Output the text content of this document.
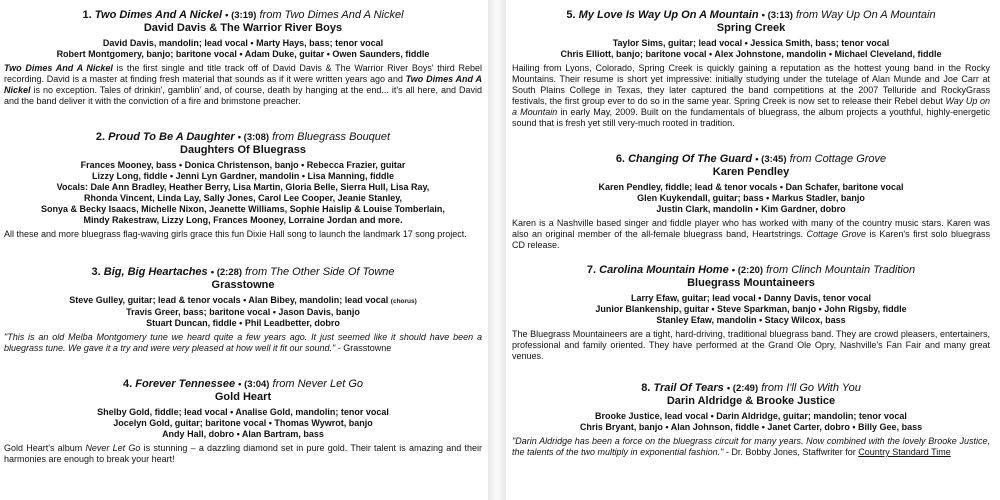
1. Two Dimes And A Nickel • (3:19) from Two Dimes And A Nickel
David Davis & The Warrior River Boys
David Davis, mandolin; lead vocal • Marty Hays, bass; tenor vocal
Robert Montgomery, banjo; baritone vocal • Adam Duke, guitar • Owen Saunders, fiddle
Two Dimes And A Nickel is the first single and title track off of David Davis & The Warrior River Boys' third Rebel recording. David is a master at finding fresh material that sounds as if it were written years ago and Two Dimes And A Nickel is no exception. Tales of drinkin', gamblin' and, of course, death by hanging at the end... it's all here, and David and the band deliver it with the conviction of a fire and brimstone preacher.
2. Proud To Be A Daughter • (3:08) from Bluegrass Bouquet
Daughters Of Bluegrass
Frances Mooney, bass • Donica Christenson, banjo • Rebecca Frazier, guitar
Lizzy Long, fiddle • Jenni Lyn Gardner, mandolin • Lisa Manning, fiddle
Vocals: Dale Ann Bradley, Heather Berry, Lisa Martin, Gloria Belle, Sierra Hull, Lisa Ray,
Rhonda Vincent, Linda Lay, Sally Jones, Carol Lee Cooper, Jeanie Stanley,
Sonya & Becky Isaacs, Michelle Nixon, Jeanette Williams, Sophie Haislip & Louise Tomberlain,
Mindy Rakestraw, Lizzy Long, Frances Mooney, Lorraine Jordan and more.
All these and more bluegrass flag-waving girls grace this fun Dixie Hall song to launch the landmark 17 song project.
3. Big, Big Heartaches • (2:28) from The Other Side Of Towne
Grasstowne
Steve Gulley, guitar; lead & tenor vocals • Alan Bibey, mandolin; lead vocal (chorus)
Travis Greer, bass; baritone vocal • Jason Davis, banjo
Stuart Duncan, fiddle • Phil Leadbetter, dobro
"This is an old Melba Montgomery tune we heard quite a few years ago. It just seemed like it should have been a bluegrass tune. We gave it a try and were very pleased at how well it fit our sound." - Grasstowne
4. Forever Tennessee • (3:04) from Never Let Go
Gold Heart
Shelby Gold, fiddle; lead vocal • Analise Gold, mandolin; tenor vocal
Jocelyn Gold, guitar; baritone vocal • Thomas Wywrot, banjo
Andy Hall, dobro • Alan Bartram, bass
Gold Heart's album Never Let Go is stunning – a dazzling diamond set in pure gold. Their talent is amazing and their harmonies are enough to break your heart!
5. My Love Is Way Up On A Mountain • (3:13) from Way Up On A Mountain
Spring Creek
Taylor Sims, guitar; lead vocal • Jessica Smith, bass; tenor vocal
Chris Elliott, banjo; baritone vocal • Alex Johnstone, mandolin • Michael Cleveland, fiddle
Hailing from Lyons, Colorado, Spring Creek is quickly gaining a reputation as the hottest young band in the Rocky Mountains. Their resume is short yet impressive: initially studying under the tutelage of Alan Munde and Joe Carr at South Plains College in Texas, they later captured the band competitions at the 2007 Telluride and RockyGrass festivals, the first group ever to do so in the same year. Spring Creek is now set to release their Rebel debut Way Up on a Mountain in early May, 2009. Built on the fundamentals of bluegrass, the album projects a youthful, highly-energetic sound that is fresh yet still very-much rooted in tradition.
6. Changing Of The Guard • (3:45) from Cottage Grove
Karen Pendley
Karen Pendley, fiddle; lead & tenor vocals • Dan Schafer, baritone vocal
Glen Kuykendall, guitar; bass • Markus Stadler, banjo
Justin Clark, mandolin • Kim Gardner, dobro
Karen is a Nashville based singer and fiddle player who has worked with many of the country music stars. Karen was also an original member of the all-female bluegrass band, Heartstrings. Cottage Grove is Karen's first solo bluegrass CD release.
7. Carolina Mountain Home • (2:20) from Clinch Mountain Tradition
Bluegrass Mountaineers
Larry Efaw, guitar; lead vocal • Danny Davis, tenor vocal
Junior Blankenship, guitar • Steve Sparkman, banjo • John Rigsby, fiddle
Stanley Efaw, mandolin • Stacy Wilcox, bass
The Bluegrass Mountaineers are a tight, hard-driving, traditional bluegrass band. They are crowd pleasers, entertainers, professional and family oriented. They have performed at the Grand Ole Opry, Nashville's Fan Fair and many great venues.
8. Trail Of Tears • (2:49) from I'll Go With You
Darin Aldridge & Brooke Justice
Brooke Justice, lead vocal • Darin Aldridge, guitar; mandolin; tenor vocal
Chris Bryant, banjo • Alan Johnson, fiddle • Janet Carter, dobro • Billy Gee, bass
"Darin Aldridge has been a force on the bluegrass circuit for many years. Now combined with the lovely Brooke Justice, the talents of the two multiply in exponential fashion." - Dr. Bobby Jones, Staffwriter for Country Standard Time
